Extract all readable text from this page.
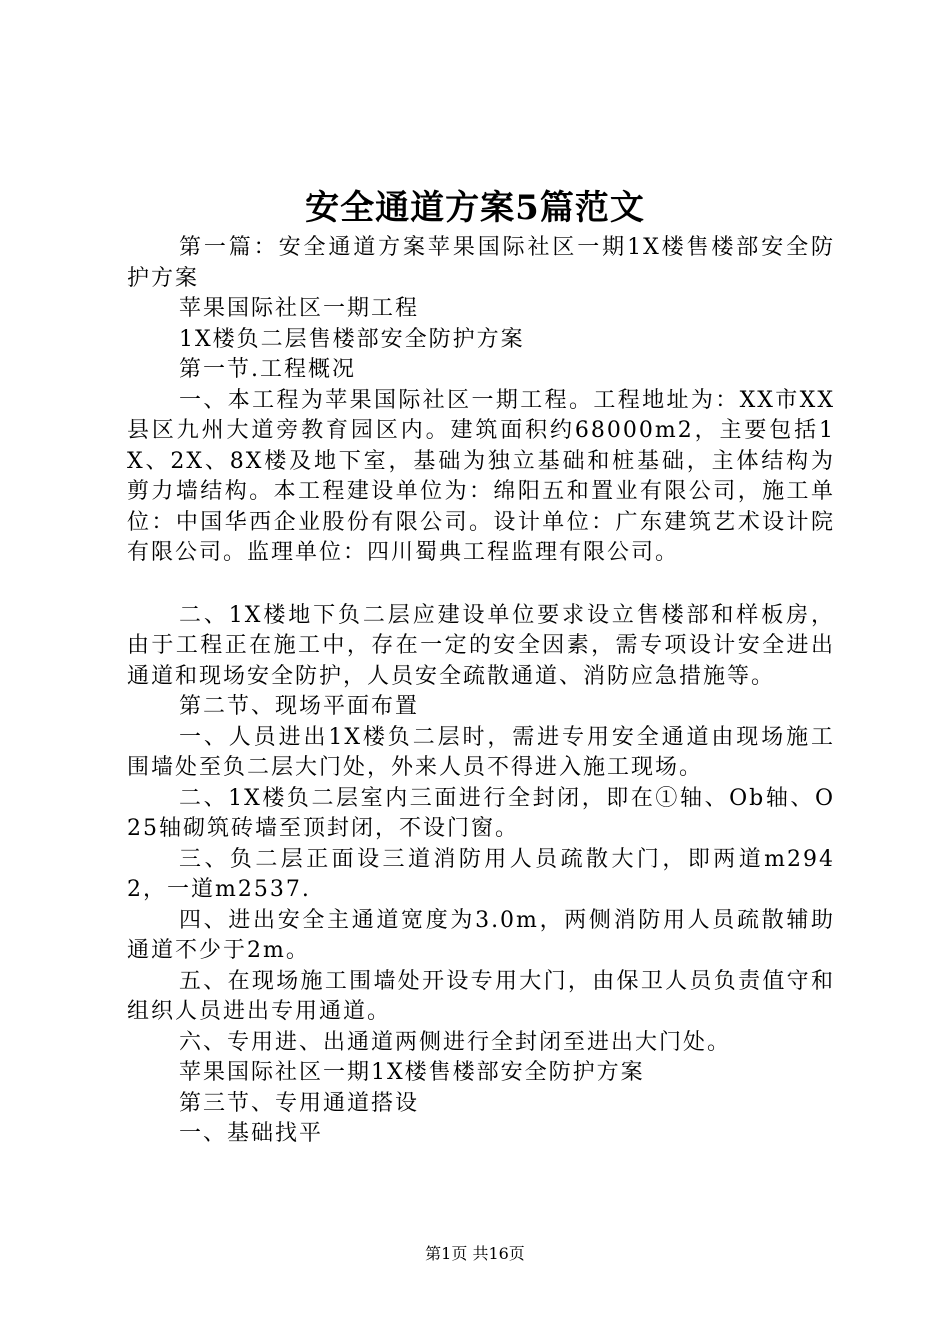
安全通道方案5篇范文

第一篇：安全通道方案苹果国际社区一期1X楼售楼部安全防护方案

苹果国际社区一期工程

1X楼负二层售楼部安全防护方案

第一节.工程概况

一、本工程为苹果国际社区一期工程。工程地址为：XX市XX县区九州大道旁教育园区内。建筑面积约68000m2，主要包括1X、2X、8X楼及地下室，基础为独立基础和桩基础，主体结构为剪力墙结构。本工程建设单位为：绵阳五和置业有限公司，施工单位：中国华西企业股份有限公司。设计单位：广东建筑艺术设计院有限公司。监理单位：四川蜀典工程监理有限公司。

二、1X楼地下负二层应建设单位要求设立售楼部和样板房，由于工程正在施工中，存在一定的安全因素，需专项设计安全进出通道和现场安全防护，人员安全疏散通道、消防应急措施等。

第二节、现场平面布置

一、人员进出1X楼负二层时，需进专用安全通道由现场施工围墙处至负二层大门处，外来人员不得进入施工现场。

二、1X楼负二层室内三面进行全封闭，即在①轴、Ob轴、O25轴砌筑砖墙至顶封闭，不设门窗。

三、负二层正面设三道消防用人员疏散大门，即两道m2942，一道m2537.

四、进出安全主通道宽度为3.0m，两侧消防用人员疏散辅助通道不少于2m。

五、在现场施工围墙处开设专用大门，由保卫人员负责值守和组织人员进出专用通道。

六、专用进、出通道两侧进行全封闭至进出大门处。

苹果国际社区一期1X楼售楼部安全防护方案

第三节、专用通道搭设

一、基础找平

第1页 共16页
